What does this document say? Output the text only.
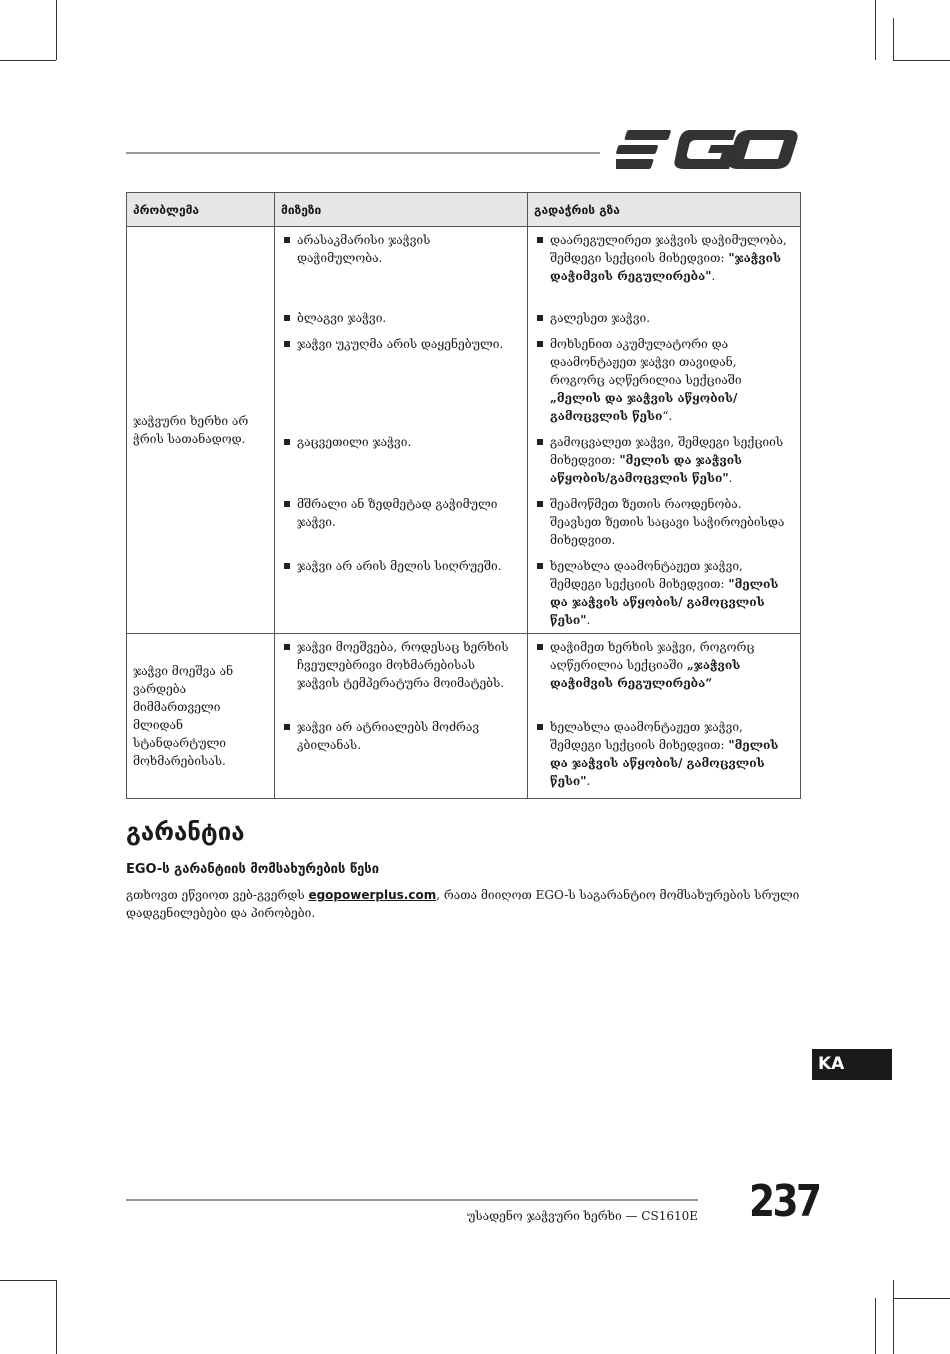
პრობლემა	მიზეზი	გადაჭრის გზა
ჯაჭვური ხერხი არ ჭრის სათანადოდ.	არასაკმარისი ჯაჭვის დაჭიმულობა.	დაარეგულირეთ ჯაჭვის დაჭიმულობა, შემდეგი სექციის მიხედვით: "ჯაჭვის დაჭიმვის რეგულირება".

	ბლაგვი ჯაჭვი.	გალესეთ ჯაჭვი.

	ჯაჭვი უკუღმა არის დაყენებული.	მოხსენით აკუმულატორი და დაამონტაჟეთ ჯაჭვი თავიდან, როგორც აღწერილია სექციაში „მელის და ჯაჭვის აწყობის/ გამოცვლის წესი“.

	გაცვეთილი ჯაჭვი.	გამოცვალეთ ჯაჭვი, შემდეგი სექციის მიხედვით: "მელის და ჯაჭვის აწყობის/გამოცვლის წესი".

	მშრალი ან ზედმეტად გაჭიმული ჯაჭვი.	შეამოწმეთ ზეთის რაოდენობა. შეავსეთ ზეთის საცავი საჭიროებისდა მიხედვით.

	ჯაჭვი არ არის მელის სიღრუეში.	ხელახლა დაამონტაჟეთ ჯაჭვი, შემდეგი სექციის მიხედვით: "მელის და ჯაჭვის აწყობის/ გამოცვლის წესი".

ჯაჭვი მოეშვა ან ვარდება მიმმართველი მლიდან სტანდარტული მოხმარებისას.	ჯაჭვი მოეშვება, როდესაც ხერხის ჩვეულებრივი მოხმარებისას ჯაჭვის ტემპერატურა მოიმატებს.	დაჭიმეთ ხერხის ჯაჭვი, როგორც აღწერილია სექციაში „ჯაჭვის დაჭიმვის რეგულირება“

	ჯაჭვი არ ატრიალებს მოძრავ კბილანას.	ხელახლა დაამონტაჟეთ ჯაჭვი, შემდეგი სექციის მიხედვით: "მელის და ჯაჭვის აწყობის/ გამოცვლის წესი".
გარანტია
EGO-ს გარანტიის მომსახურების წესი

გთხოვთ ეწვიოთ ვებ-გვერდს egopowerplus.com, რათა მიიღოთ EGO-ს საგარანტიო მომსახურების სრული დადგენილებები და პირობები.

KA
უსადენო ჯაჭვური ხერხი — CS1610E 237
